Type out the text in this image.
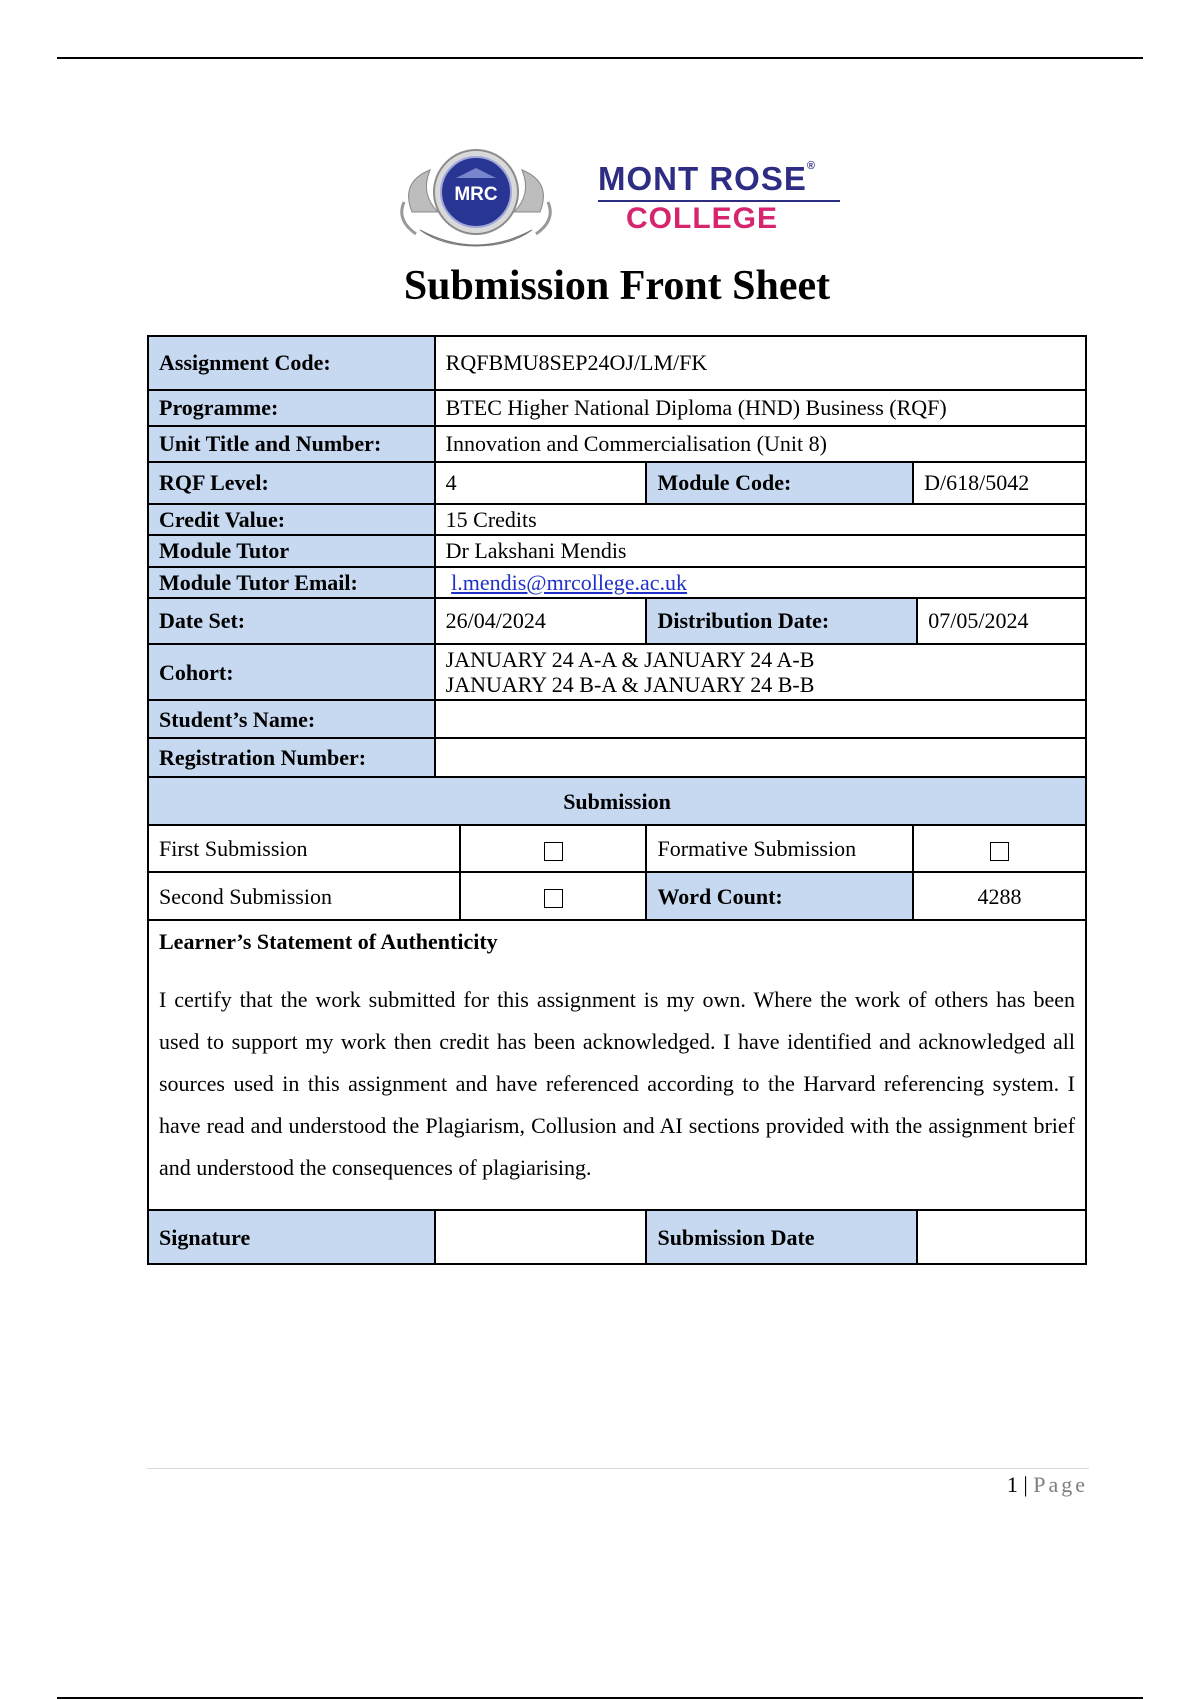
MRC	MONT ROSE®
COLLEGE
Submission Front Sheet
Assignment Code:	RQFBMU8SEP24OJ/LM/FK				
Programme:	BTEC Higher National Diploma (HND) Business (RQF)				
Unit Title and Number:	Innovation and Commercialisation (Unit 8)				
RQF Level:	4		Module Code:	D/618/5042	
Credit Value:	15 Credits				
Module Tutor	Dr Lakshani Mendis				
Module Tutor Email:	l.mendis@mrcollege.ac.uk				
Date Set:	26/04/2024		Distribution Date:		07/05/2024
Cohort:	JANUARY 24 A-A & JANUARY 24 A-B
JANUARY 24 B-A & JANUARY 24 B-B				

Student’s Name:					
Registration Number:					
Submission					
First Submission			Formative Submission		
Second Submission			Word Count:	4288	

Learner’s Statement of Authenticity

I certify that the work submitted for this assignment is my own. Where the work of others has been used to support my work then credit has been acknowledged. I have identified and acknowledged all sources used in this assignment and have referenced according to the Harvard referencing system. I have read and understood the Plagiarism, Collusion and AI sections provided with the assignment brief and understood the consequences of plagiarising.					

Signature			Submission Date		
1 | Page
